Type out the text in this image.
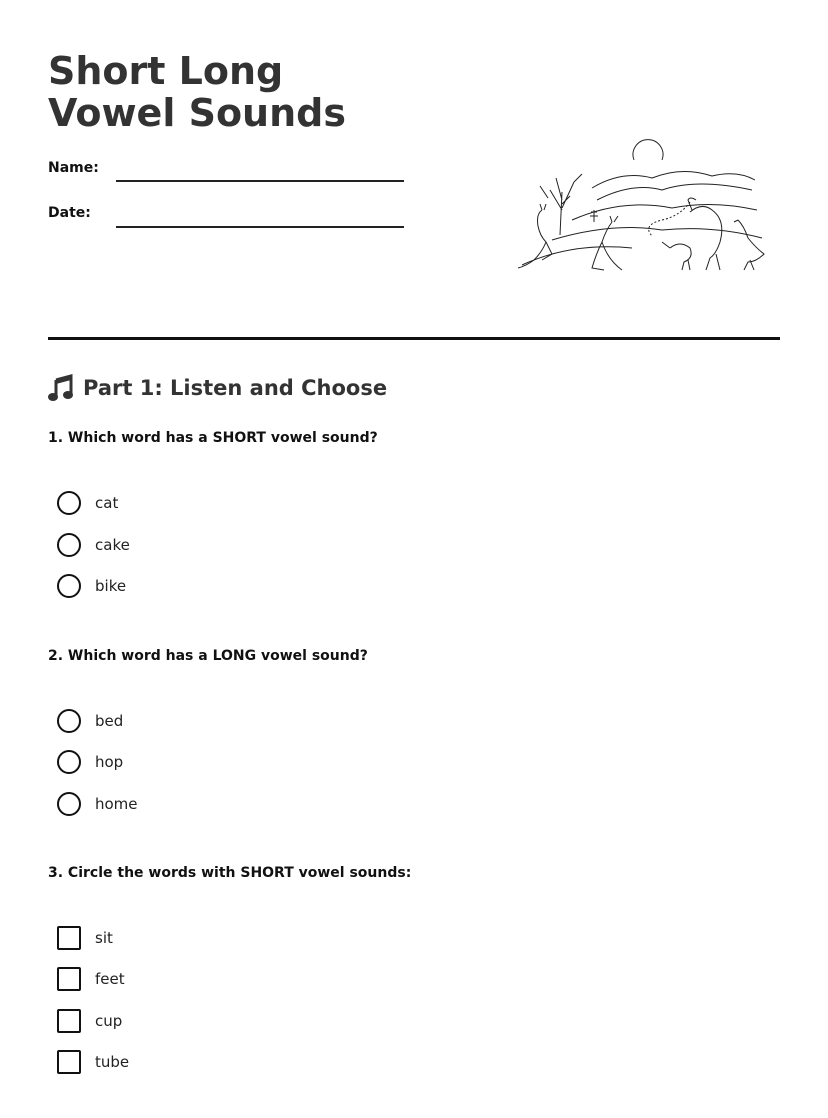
Short Long Vowel Sounds
Name:
Date:
Part 1: Listen and Choose
1. Which word has a SHORT vowel sound?
cat
cake
bike
2. Which word has a LONG vowel sound?
bed
hop
home
3. Circle the words with SHORT vowel sounds:
sit
feet
cup
tube
